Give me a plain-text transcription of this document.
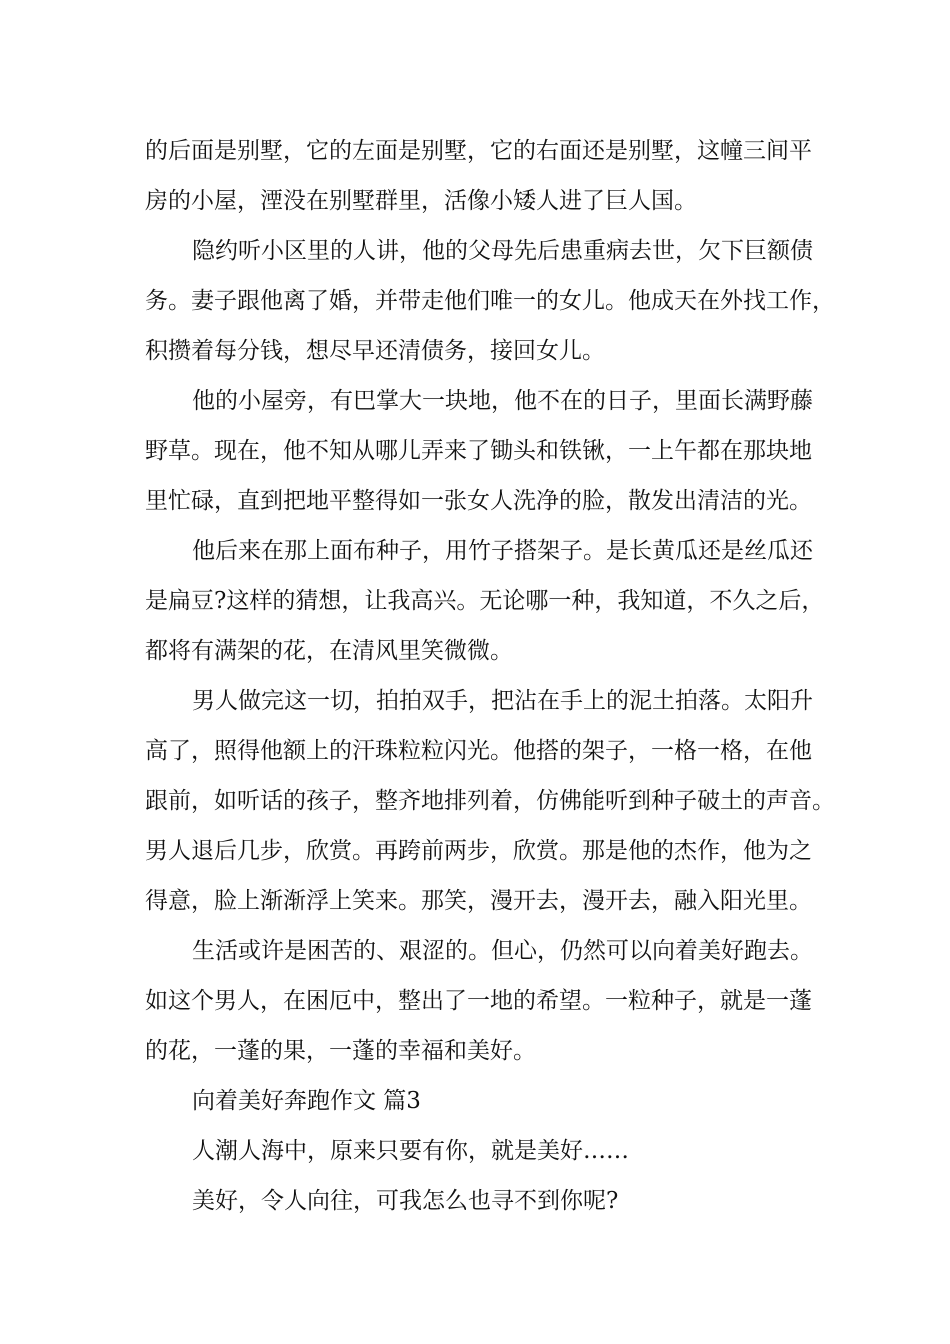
的后面是别墅，它的左面是别墅，它的右面还是别墅，这幢三间平

房的小屋，湮没在别墅群里，活像小矮人进了巨人国。

隐约听小区里的人讲，他的父母先后患重病去世，欠下巨额债

务。妻子跟他离了婚，并带走他们唯一的女儿。他成天在外找工作，

积攒着每分钱，想尽早还清债务，接回女儿。

他的小屋旁，有巴掌大一块地，他不在的日子，里面长满野藤

野草。现在，他不知从哪儿弄来了锄头和铁锹，一上午都在那块地

里忙碌，直到把地平整得如一张女人洗净的脸，散发出清洁的光。

他后来在那上面布种子，用竹子搭架子。是长黄瓜还是丝瓜还

是扁豆?这样的猜想，让我高兴。无论哪一种，我知道，不久之后，

都将有满架的花，在清风里笑微微。

男人做完这一切，拍拍双手，把沾在手上的泥土拍落。太阳升

高了，照得他额上的汗珠粒粒闪光。他搭的架子，一格一格，在他

跟前，如听话的孩子，整齐地排列着，仿佛能听到种子破土的声音。

男人退后几步，欣赏。再跨前两步，欣赏。那是他的杰作，他为之

得意，脸上渐渐浮上笑来。那笑，漫开去，漫开去，融入阳光里。

生活或许是困苦的、艰涩的。但心，仍然可以向着美好跑去。

如这个男人，在困厄中，整出了一地的希望。一粒种子，就是一蓬

的花，一蓬的果，一蓬的幸福和美好。

向着美好奔跑作文 篇3

人潮人海中，原来只要有你，就是美好……

美好，令人向往，可我怎么也寻不到你呢?
